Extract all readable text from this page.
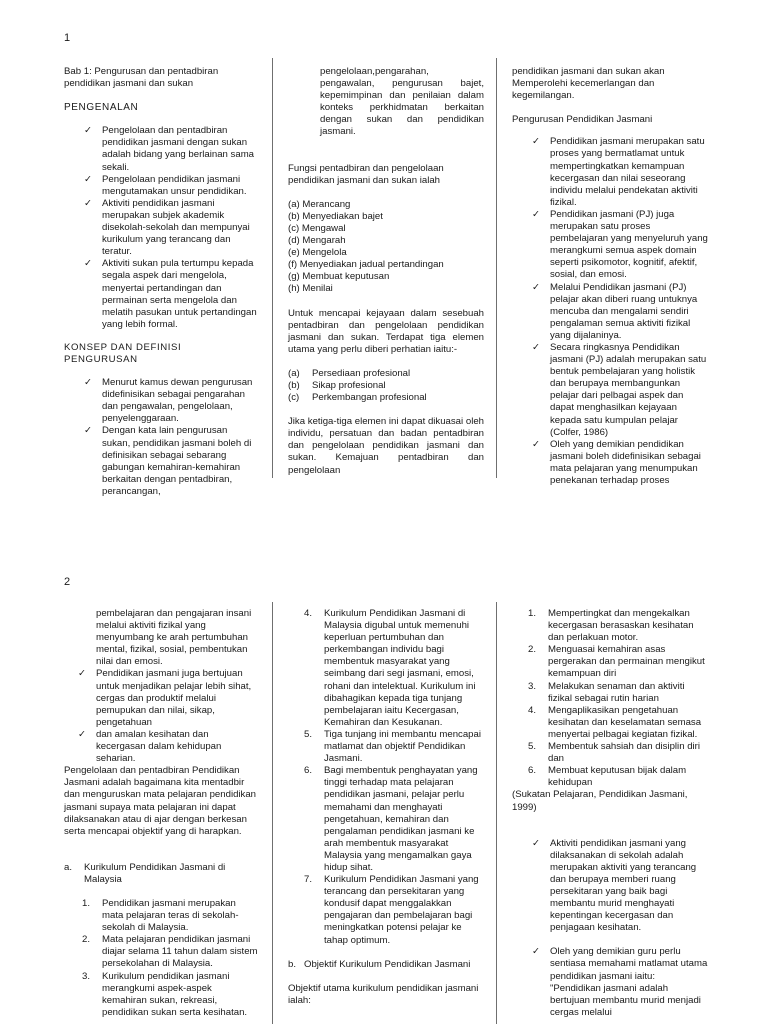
1

Bab 1: Pengurusan dan pentadbiran pendidikan jasmani dan sukan

PENGENALAN

✓ Pengelolaan dan pentadbiran pendidikan jasmani dengan sukan adalah bidang yang berlainan sama sekali.
✓ Pengelolaan pendidikan jasmani mengutamakan unsur pendidikan.
✓ Aktiviti pendidikan jasmani merupakan subjek akademik disekolah-sekolah dan mempunyai kurikulum yang terancang dan teratur.
✓ Aktiviti sukan pula tertumpu kepada segala aspek dari mengelola, menyertai pertandingan dan permainan serta mengelola dan melatih pasukan untuk pertandingan yang lebih formal.

KONSEP DAN DEFINISI PENGURUSAN

✓ Menurut kamus dewan pengurusan didefinisikan sebagai pengarahan dan pengawalan, pengelolaan, penyelenggaraan.
✓ Dengan kata lain pengurusan sukan, pendidikan jasmani boleh di definisikan sebagai sebarang gabungan kemahiran-kemahiran berkaitan dengan pentadbiran, perancangan,

pengelolaan,pengarahan, pengawalan, pengurusan bajet, kepemimpinan dan penilaian dalam konteks perkhidmatan berkaitan dengan sukan dan pendidikan jasmani.

Fungsi pentadbiran dan pengelolaan pendidikan jasmani dan sukan ialah

(a) Merancang
(b) Menyediakan bajet
(c) Mengawal
(d) Mengarah
(e) Mengelola
(f) Menyediakan jadual pertandingan
(g) Membuat keputusan
(h) Menilai

Untuk mencapai kejayaan dalam sesebuah pentadbiran dan pengelolaan pendidikan jasmani dan sukan. Terdapat tiga elemen utama yang perlu diberi perhatian iaitu:-

(a) Persediaan profesional
(b) Sikap profesional
(c) Perkembangan profesional

Jika ketiga-tiga elemen ini dapat dikuasai oleh individu, persatuan dan badan pentadbiran dan pengelolaan pendidikan jasmani dan sukan. Kemajuan pentadbiran dan pengelolaan

pendidikan jasmani dan sukan akan Memperolehi kecemerlangan dan kegemilangan.

Pengurusan Pendidikan Jasmani

✓ Pendidikan jasmani merupakan satu proses yang bermatlamat untuk mempertingkatkan kemampuan kecergasan dan nilai seseorang individu melalui pendekatan aktiviti fizikal.
✓ Pendidikan jasmani (PJ) juga merupakan satu proses pembelajaran yang menyeluruh yang merangkumi semua aspek domain seperti psikomotor, kognitif, afektif, sosial, dan emosi.
✓ Melalui Pendidikan jasmani (PJ) pelajar akan diberi ruang untuknya mencuba dan mengalami sendiri pengalaman semua aktiviti fizikal yang dijalaninya.
✓ Secara ringkasnya Pendidikan jasmani (PJ) adalah merupakan satu bentuk pembelajaran yang holistik dan berupaya membangunkan pelajar dari pelbagai aspek dan dapat menghasilkan kejayaan kepada satu kumpulan pelajar (Colfer, 1986)
✓ Oleh yang demikian pendidikan jasmani boleh didefinisikan sebagai mata pelajaran yang menumpukan penekanan terhadap proses
2

pembelajaran dan pengajaran insani melalui aktiviti fizikal yang menyumbang ke arah pertumbuhan mental, fizikal, sosial, pembentukan nilai dan emosi.

✓ Pendidikan jasmani juga bertujuan untuk menjadikan pelajar lebih sihat, cergas dan produktif melalui pemupukan dan nilai, sikap, pengetahuan
✓ dan amalan kesihatan dan kecergasan dalam kehidupan seharian.

Pengelolaan dan pentadbiran Pendidikan Jasmani adalah bagaimana kita mentadbir dan menguruskan mata pelajaran pendidikan jasmani supaya mata pelajaran ini dapat dilaksanakan atau di ajar dengan berkesan serta mencapai objektif yang di harapkan.

a. Kurikulum Pendidikan Jasmani di Malaysia
1. Pendidikan jasmani merupakan mata pelajaran teras di sekolah-sekolah di Malaysia.
2. Mata pelajaran pendidikan jasmani diajar selama 11 tahun dalam sistem persekolahan di Malaysia.
3. Kurikulum pendidikan jasmani merangkumi aspek-aspek kemahiran sukan, rekreasi, pendidikan sukan serta kesihatan.
4. Kurikulum Pendidikan Jasmani di Malaysia digubal untuk memenuhi keperluan pertumbuhan dan perkembangan individu bagi membentuk masyarakat yang seimbang dari segi jasmani, emosi, rohani dan intelektual. Kurikulum ini dibahagikan kepada tiga tunjang pembelajaran iaitu Kecergasan, Kemahiran dan Kesukanan.
5. Tiga tunjang ini membantu mencapai matlamat dan objektif Pendidikan Jasmani.
6. Bagi membentuk penghayatan yang tinggi terhadap mata pelajaran pendidikan jasmani, pelajar perlu memahami dan menghayati pengetahuan, kemahiran dan pengalaman pendidikan jasmani ke arah membentuk masyarakat Malaysia yang mengamalkan gaya hidup sihat.
7. Kurikulum Pendidikan Jasmani yang terancang dan persekitaran yang kondusif dapat menggalakkan pengajaran dan pembelajaran bagi meningkatkan potensi pelajar ke tahap optimum.
b. Objektif Kurikulum Pendidikan Jasmani

Objektif utama kurikulum pendidikan jasmani ialah:

1. Mempertingkat dan mengekalkan kecergasan berasaskan kesihatan dan perlakuan motor.
2. Menguasai kemahiran asas pergerakan dan permainan mengikut kemampuan diri
3. Melakukan senaman dan aktiviti fizikal sebagai rutin harian
4. Mengaplikasikan pengetahuan kesihatan dan keselamatan semasa menyertai pelbagai kegiatan fizikal.
5. Membentuk sahsiah dan disiplin diri dan
6. Membuat keputusan bijak dalam kehidupan

(Sukatan Pelajaran, Pendidikan Jasmani, 1999)

✓ Aktiviti pendidikan jasmani yang dilaksanakan di sekolah adalah merupakan aktiviti yang terancang dan berupaya memberi ruang persekitaran yang baik bagi membantu murid menghayati kepentingan kecergasan dan penjagaan kesihatan.
✓ Oleh yang demikian guru perlu sentiasa memahami matlamat utama pendidikan jasmani iaitu: "Pendidikan jasmani adalah bertujuan membantu murid menjadi cergas melalui
